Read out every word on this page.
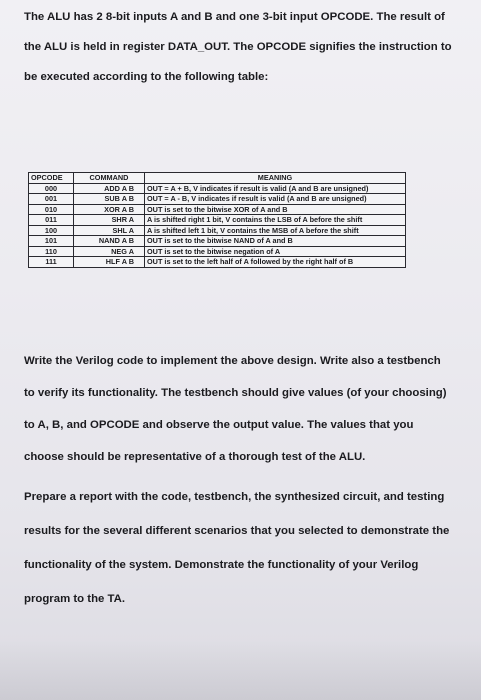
The ALU has 2 8-bit inputs A and B and one 3-bit input OPCODE. The result of the ALU is held in register DATA_OUT. The OPCODE signifies the instruction to be executed according to the following table:

OPCODE	COMMAND	MEANING
000	ADD A B	OUT = A + B, V indicates if result is valid (A and B are unsigned)
001	SUB A B	OUT = A - B, V indicates if result is valid (A and B are unsigned)
010	XOR A B	OUT is set to the bitwise XOR of A and B
011	SHR A	A is shifted right 1 bit, V contains the LSB of A before the shift
100	SHL A	A is shifted left 1 bit, V contains the MSB of A before the shift
101	NAND A B	OUT is set to the bitwise NAND of A and B
110	NEG A	OUT is set to the bitwise negation of A
111	HLF A B	OUT is set to the left half of A followed by the right half of B

Write the Verilog code to implement the above design. Write also a testbench to verify its functionality. The testbench should give values (of your choosing) to A, B, and OPCODE and observe the output value. The values that you choose should be representative of a thorough test of the ALU.

Prepare a report with the code, testbench, the synthesized circuit, and testing results for the several different scenarios that you selected to demonstrate the functionality of the system. Demonstrate the functionality of your Verilog program to the TA.
